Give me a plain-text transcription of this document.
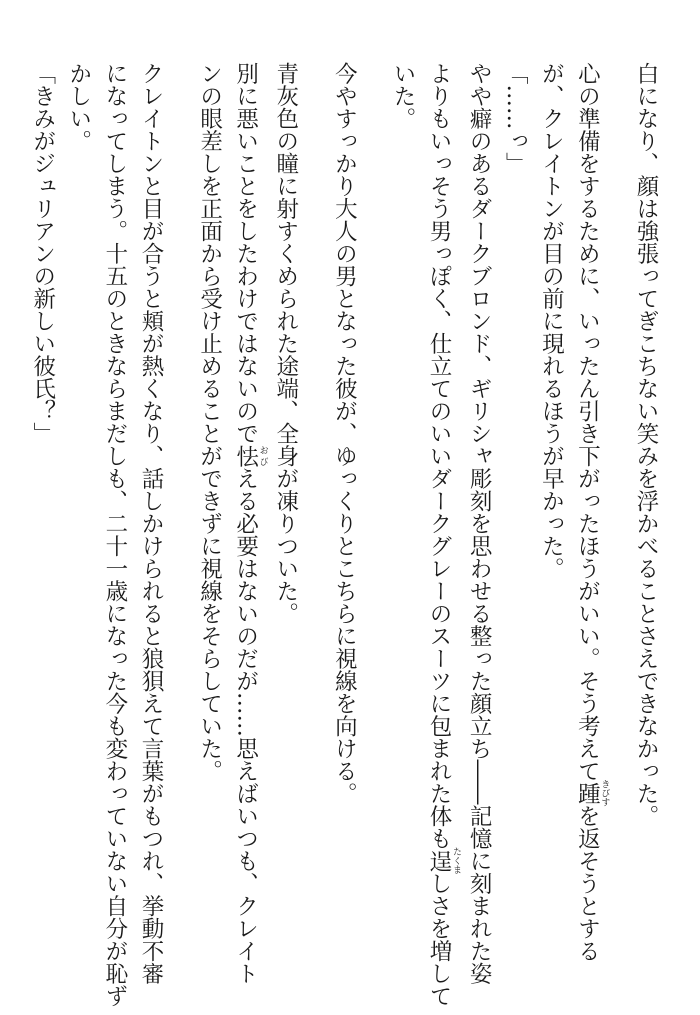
白になり、顔は強張ってぎこちない笑みを浮かべることさえできなかった。
心の準備をするために、いったん引き下がったほうがいい。そう考えて踵 きびすを返そうとする
が、クレイトンが目の前に現れるほうが早かった。
「……っ」
やや癖のあるダークブロンド、ギリシャ彫刻を思わせる整った顔立ち――記憶に刻まれた姿
よりもいっそう男っぽく、仕立てのいいダークグレーのスーツに包まれた体も逞 たくましさを増して
いた。
今やすっかり大人の男となった彼が、ゆっくりとこちらに視線を向ける。
青灰色の瞳に射すくめられた途端、全身が凍りついた。
別に悪いことをしたわけではないので怯 おびえる必要はないのだが……思えばいつも、クレイト
ンの眼差しを正面から受け止めることができずに視線をそらしていた。
クレイトンと目が合うと頬が熱くなり、話しかけられると狼狽えて言葉がもつれ、挙動不審
になってしまう。十五のときならまだしも、二十一歳になった今も変わっていない自分が恥ず
かしい。
「きみがジュリアンの新しい彼氏？」
